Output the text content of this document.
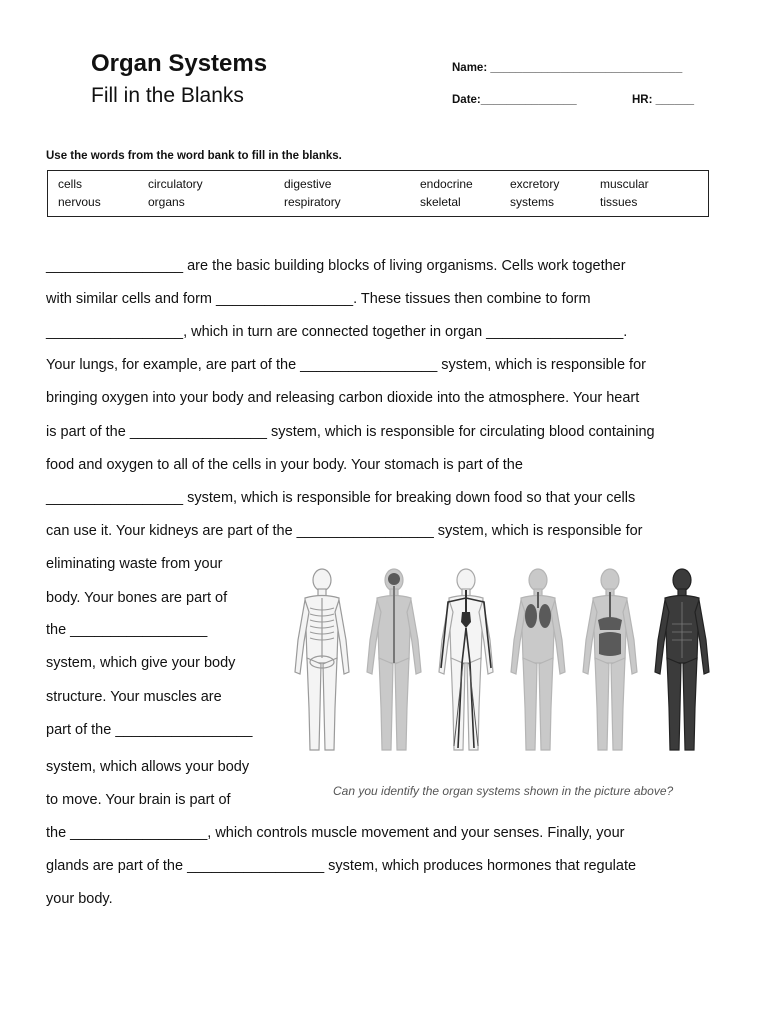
Organ Systems
Fill in the Blanks
Name: ______________________________
Date:_______________	HR: ______
Use the words from the word bank to fill in the blanks.
cells	circulatory	digestive	endocrine	excretory	muscular
nervous	organs	respiratory	skeletal	systems	tissues
_________________ are the basic building blocks of living organisms. Cells work together
with similar cells and form _________________. These tissues then combine to form
_________________, which in turn are connected together in organ _________________.
Your lungs, for example, are part of the _________________ system, which is responsible for
bringing oxygen into your body and releasing carbon dioxide into the atmosphere. Your heart
is part of the _________________ system, which is responsible for circulating blood containing
food and oxygen to all of the cells in your body. Your stomach is part of the
_________________ system, which is responsible for breaking down food so that your cells
can use it. Your kidneys are part of the _________________ system, which is responsible for
eliminating waste from your
body. Your bones are part of
the _________________
system, which give your body
structure. Your muscles are
part of the _________________
system, which allows your body
to move. Your brain is part of
the _________________, which controls muscle movement and your senses. Finally, your
glands are part of the _________________ system, which produces hormones that regulate
your body.
Can you identify the organ systems shown in the picture above?
